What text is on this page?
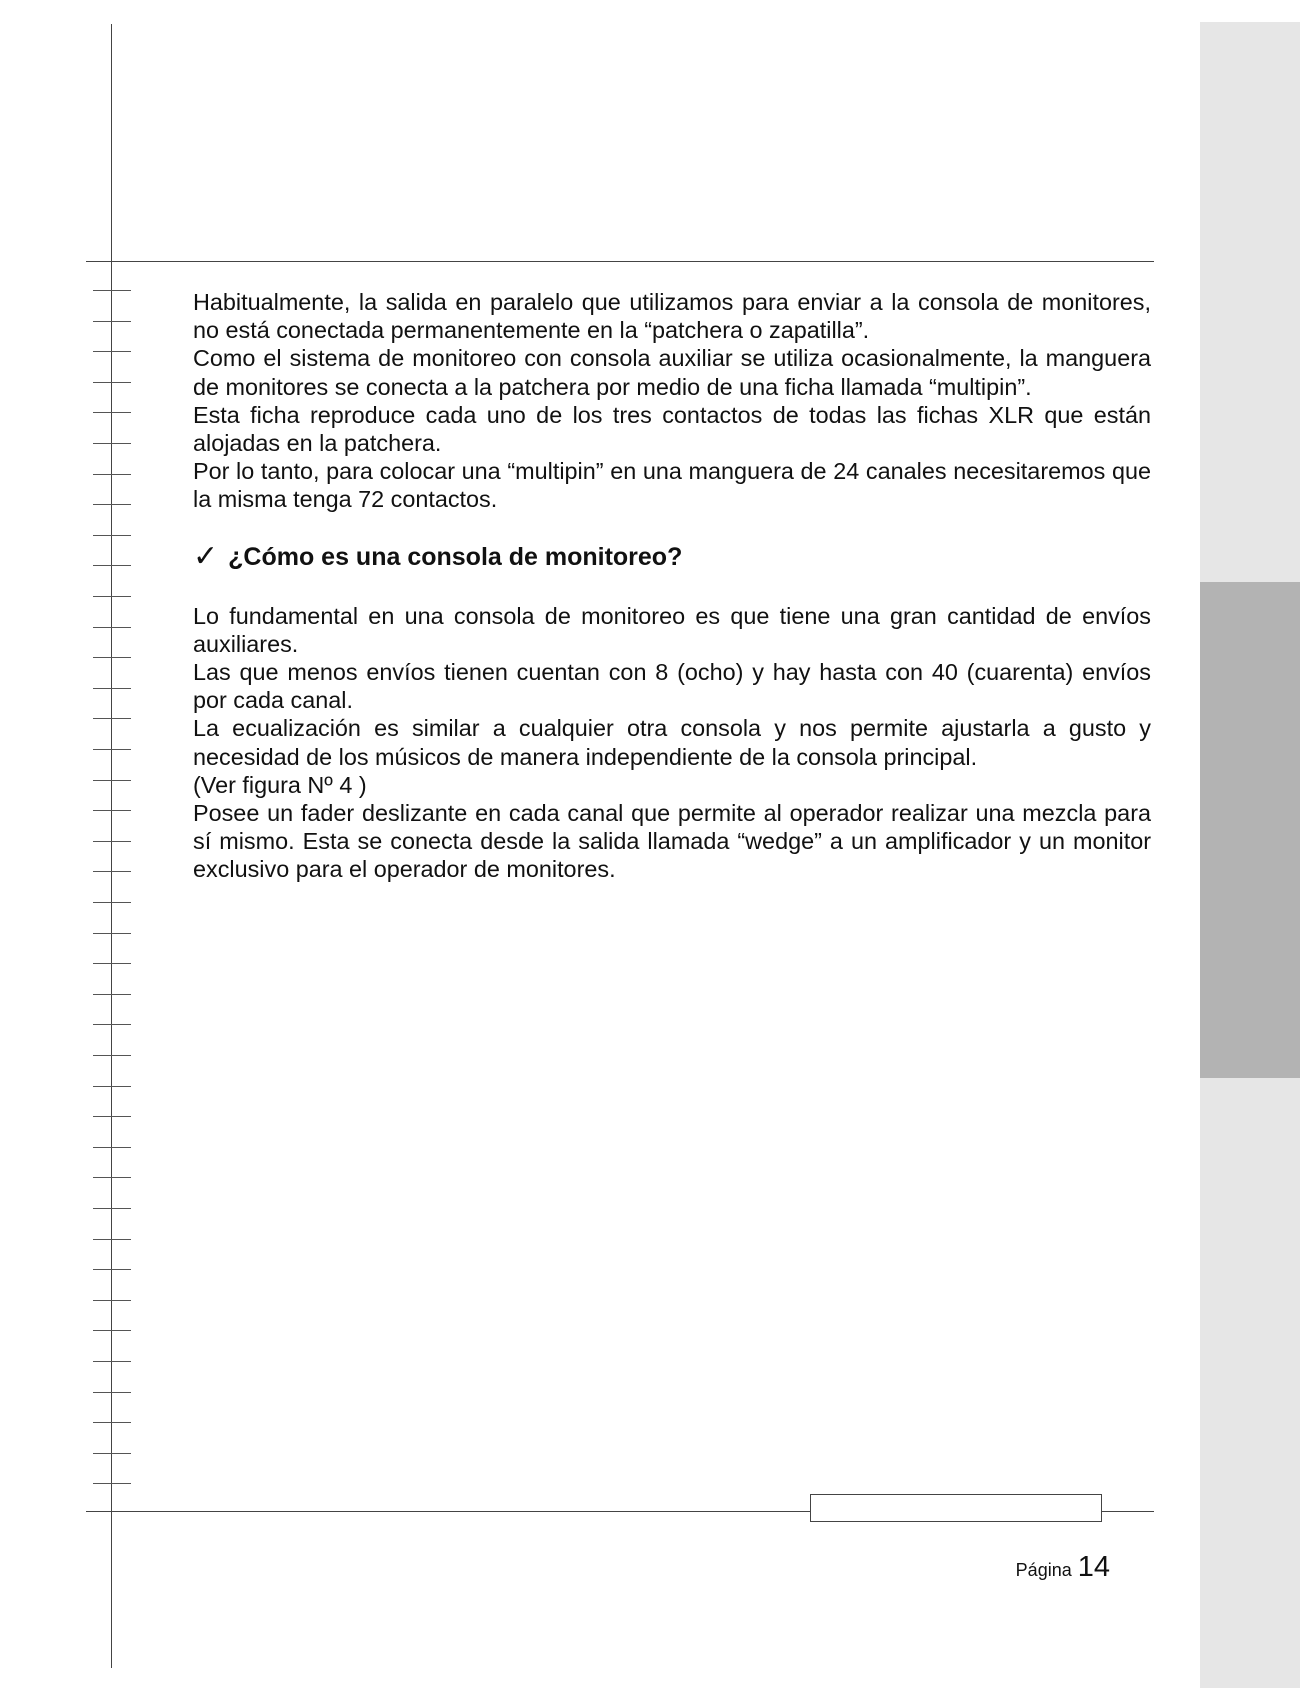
Habitualmente, la salida en paralelo que utilizamos para enviar a la consola de monitores, no está conectada permanentemente en la “patchera o zapatilla”.

Como el sistema de monitoreo con consola auxiliar se utiliza ocasionalmente, la manguera de monitores se conecta a la patchera por medio de una ficha llamada “multipin”.

Esta ficha reproduce cada uno de los tres contactos de todas las fichas XLR que están alojadas en la patchera.

Por lo tanto, para colocar una “multipin” en una manguera de 24 canales necesitaremos que la misma tenga 72 contactos.

✓ ¿Cómo es una consola de monitoreo?

Lo fundamental en una consola de monitoreo es que tiene una gran cantidad de envíos auxiliares.

Las que menos envíos tienen cuentan con 8 (ocho) y hay hasta con 40 (cuarenta) envíos por cada canal.

La ecualización es similar a cualquier otra consola y nos permite ajustarla a gusto y necesidad de los músicos de manera independiente de la consola principal.

(Ver figura Nº 4 )

Posee un fader deslizante en cada canal que permite al operador realizar una mezcla para sí mismo. Esta se conecta desde la salida llamada “wedge” a un amplificador y un monitor exclusivo para el operador de monitores.

Página 14
